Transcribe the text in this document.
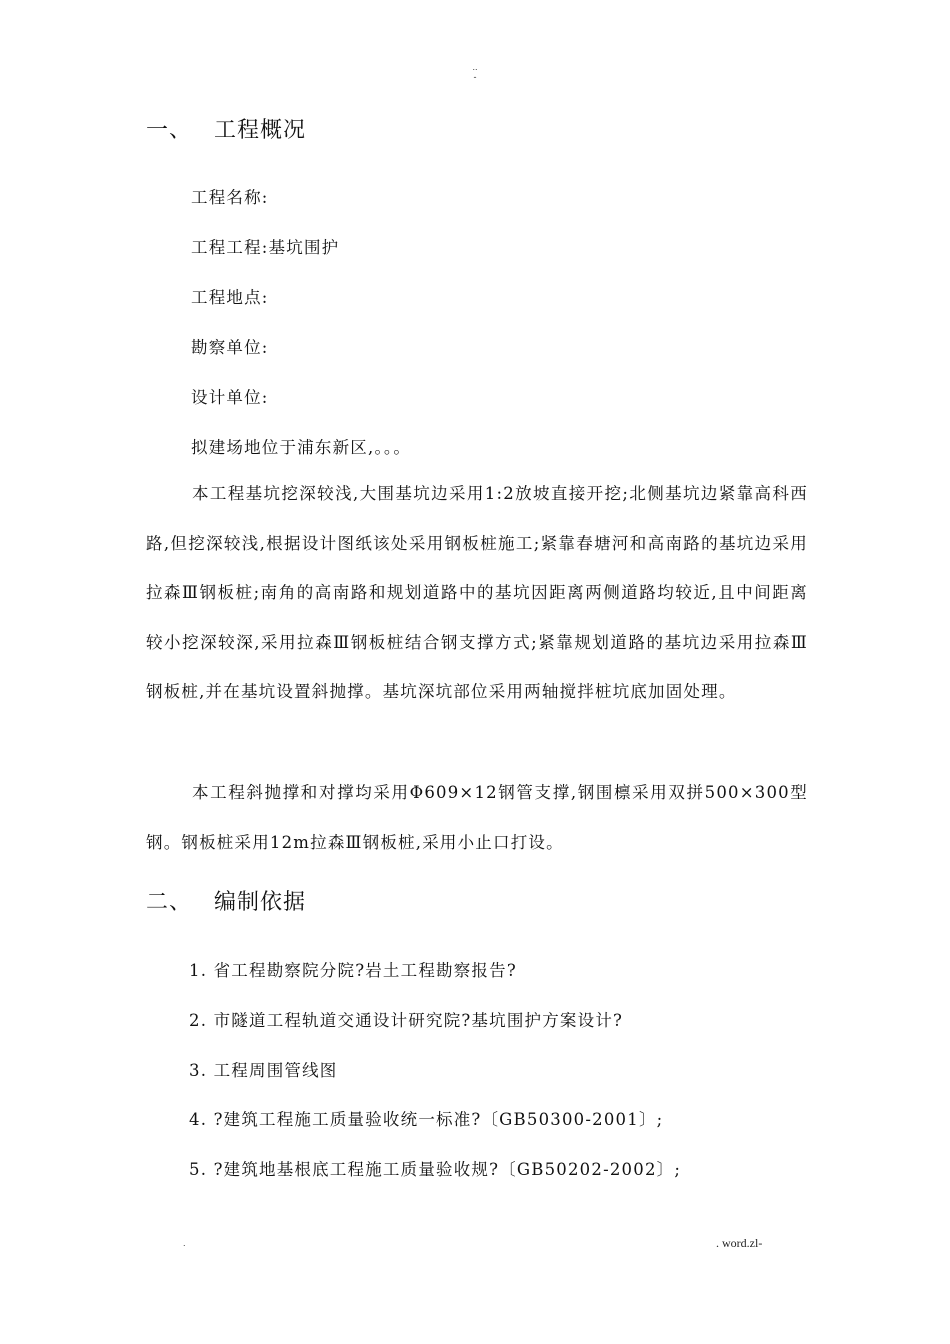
..
-
一、 工程概况

工程名称:

工程工程:基坑围护

工程地点:

勘察单位:

设计单位:

拟建场地位于浦东新区,。。。

本工程基坑挖深较浅,大围基坑边采用1:2放坡直接开挖;北侧基坑边紧靠高科西路,但挖深较浅,根据设计图纸该处采用钢板桩施工;紧靠春塘河和高南路的基坑边采用拉森Ⅲ钢板桩;南角的高南路和规划道路中的基坑因距离两侧道路均较近,且中间距离较小挖深较深,采用拉森Ⅲ钢板桩结合钢支撑方式;紧靠规划道路的基坑边采用拉森Ⅲ钢板桩,并在基坑设置斜抛撑。基坑深坑部位采用两轴搅拌桩坑底加固处理。

本工程斜抛撑和对撑均采用Φ609×12钢管支撑,钢围檩采用双拼500×300型钢。钢板桩采用12m拉森Ⅲ钢板桩,采用小止口打设。

二、 编制依据

1. 省工程勘察院分院?岩土工程勘察报告?

2. 市隧道工程轨道交通设计研究院?基坑围护方案设计?

3. 工程周围管线图

4. ?建筑工程施工质量验收统一标准?〔GB50300-2001〕;

5. ?建筑地基根底工程施工质量验收规?〔GB50202-2002〕;

.	. word.zl-
